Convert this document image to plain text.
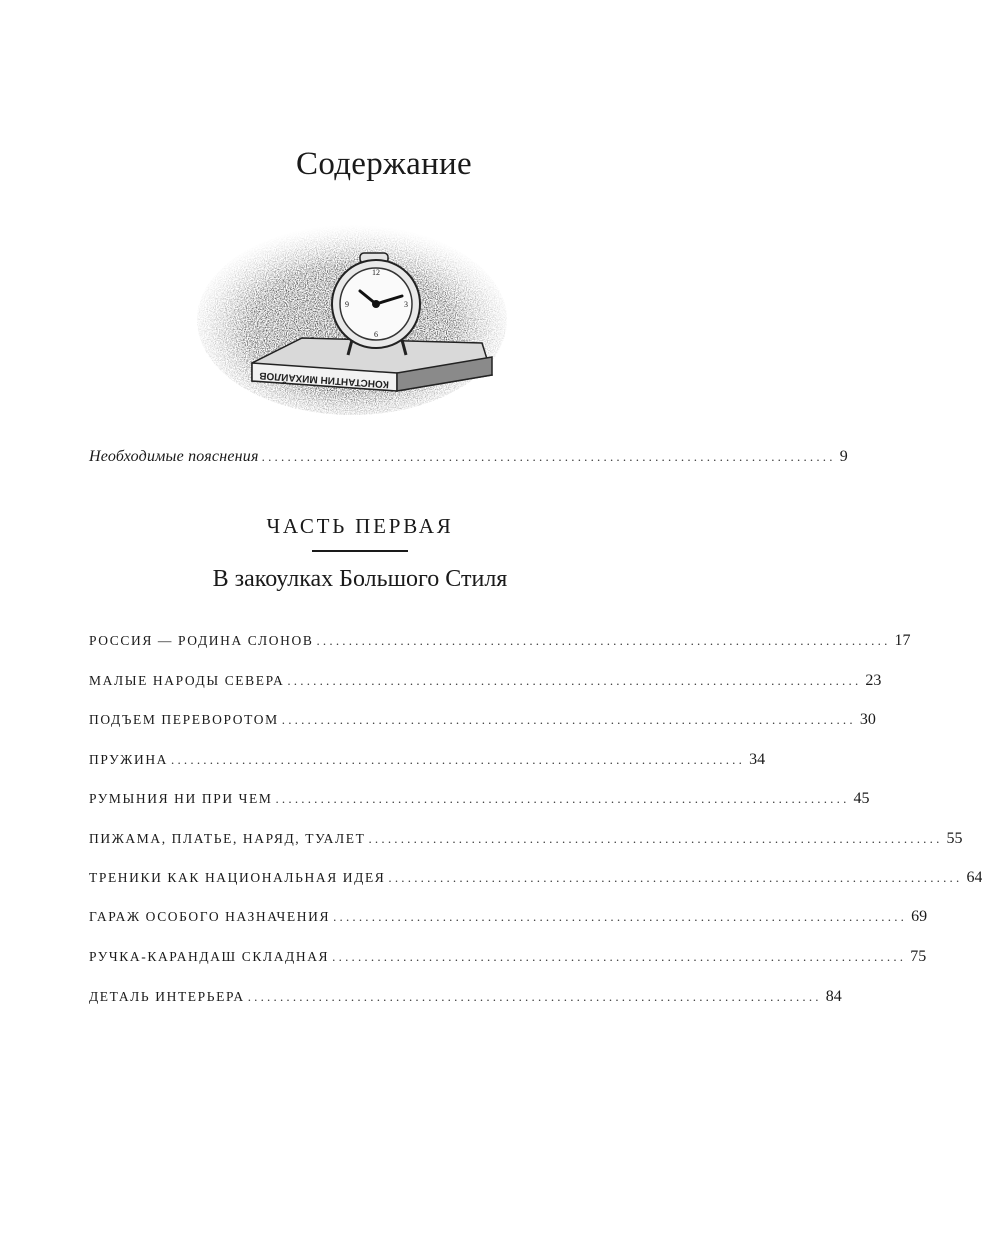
Содержание
КОНСТАНТИН МИХАЙЛОВ
12
3
6
9
Необходимые пояснения ......................................................................................... 9
ЧАСТЬ ПЕРВАЯ
В закоулках Большого Стиля
РОССИЯ — РОДИНА СЛОНОВ ......................................................................................... 17
МАЛЫЕ НАРОДЫ СЕВЕРА ......................................................................................... 23
ПОДЪЕМ ПЕРЕВОРОТОМ ......................................................................................... 30
ПРУЖИНА ......................................................................................... 34
РУМЫНИЯ НИ ПРИ ЧЕМ ......................................................................................... 45
ПИЖАМА, ПЛАТЬЕ, НАРЯД, ТУАЛЕТ ......................................................................................... 55
ТРЕНИКИ КАК НАЦИОНАЛЬНАЯ ИДЕЯ ......................................................................................... 64
ГАРАЖ ОСОБОГО НАЗНАЧЕНИЯ ......................................................................................... 69
РУЧКА-КАРАНДАШ СКЛАДНАЯ ......................................................................................... 75
ДЕТАЛЬ ИНТЕРЬЕРА ......................................................................................... 84
